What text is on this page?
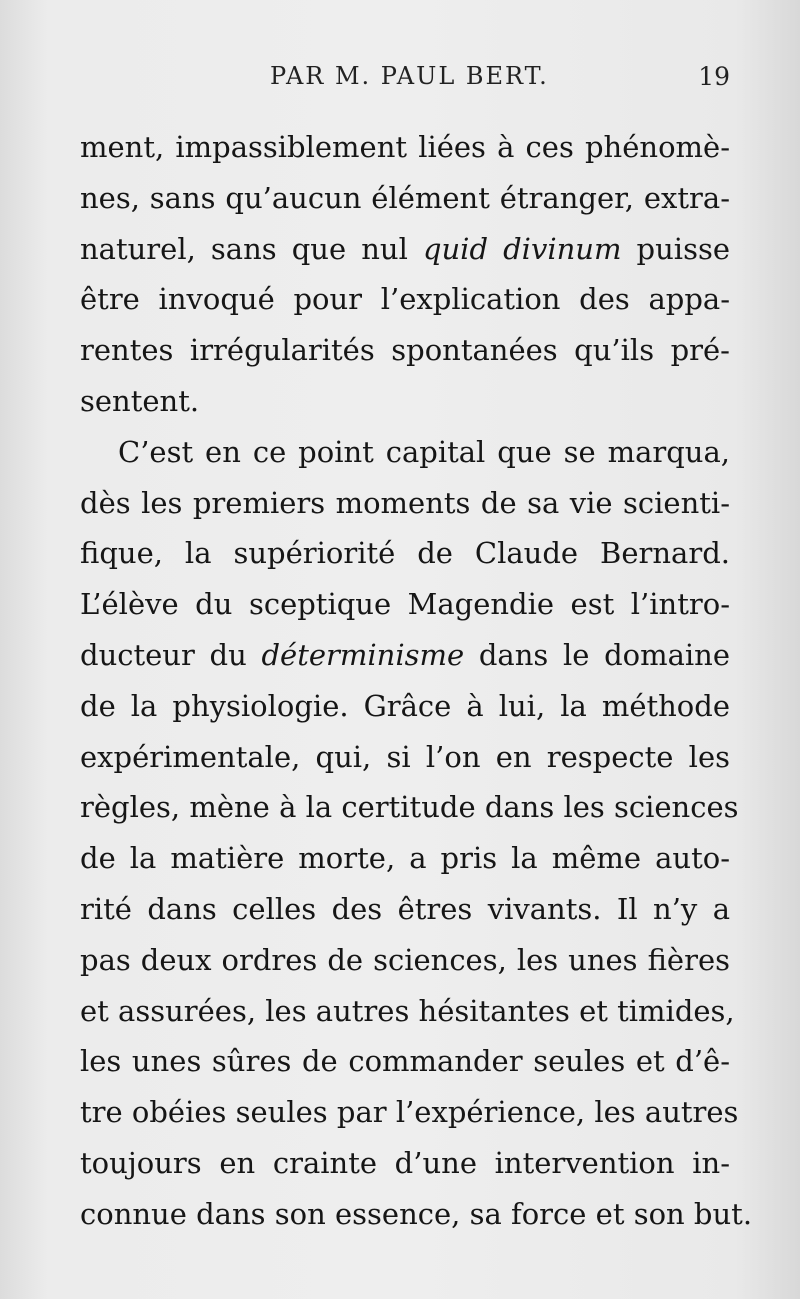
PAR M. PAUL BERT.	19
ment, impassiblement liées à ces phénomè-
nes, sans qu’aucun élément étranger, extra-
naturel, sans que nul quid divinum puisse
être invoqué pour l’explication des appa-
rentes irrégularités spontanées qu’ils pré-
sentent.
C’est en ce point capital que se marqua,
dès les premiers moments de sa vie scienti-
fique, la supériorité de Claude Bernard.
L’élève du sceptique Magendie est l’intro-
ducteur du déterminisme dans le domaine
de la physiologie. Grâce à lui, la méthode
expérimentale, qui, si l’on en respecte les
règles, mène à la certitude dans les sciences
de la matière morte, a pris la même auto-
rité dans celles des êtres vivants. Il n’y a
pas deux ordres de sciences, les unes fières
et assurées, les autres hésitantes et timides,
les unes sûres de commander seules et d’ê-
tre obéies seules par l’expérience, les autres
toujours en crainte d’une intervention in-
connue dans son essence, sa force et son but.
